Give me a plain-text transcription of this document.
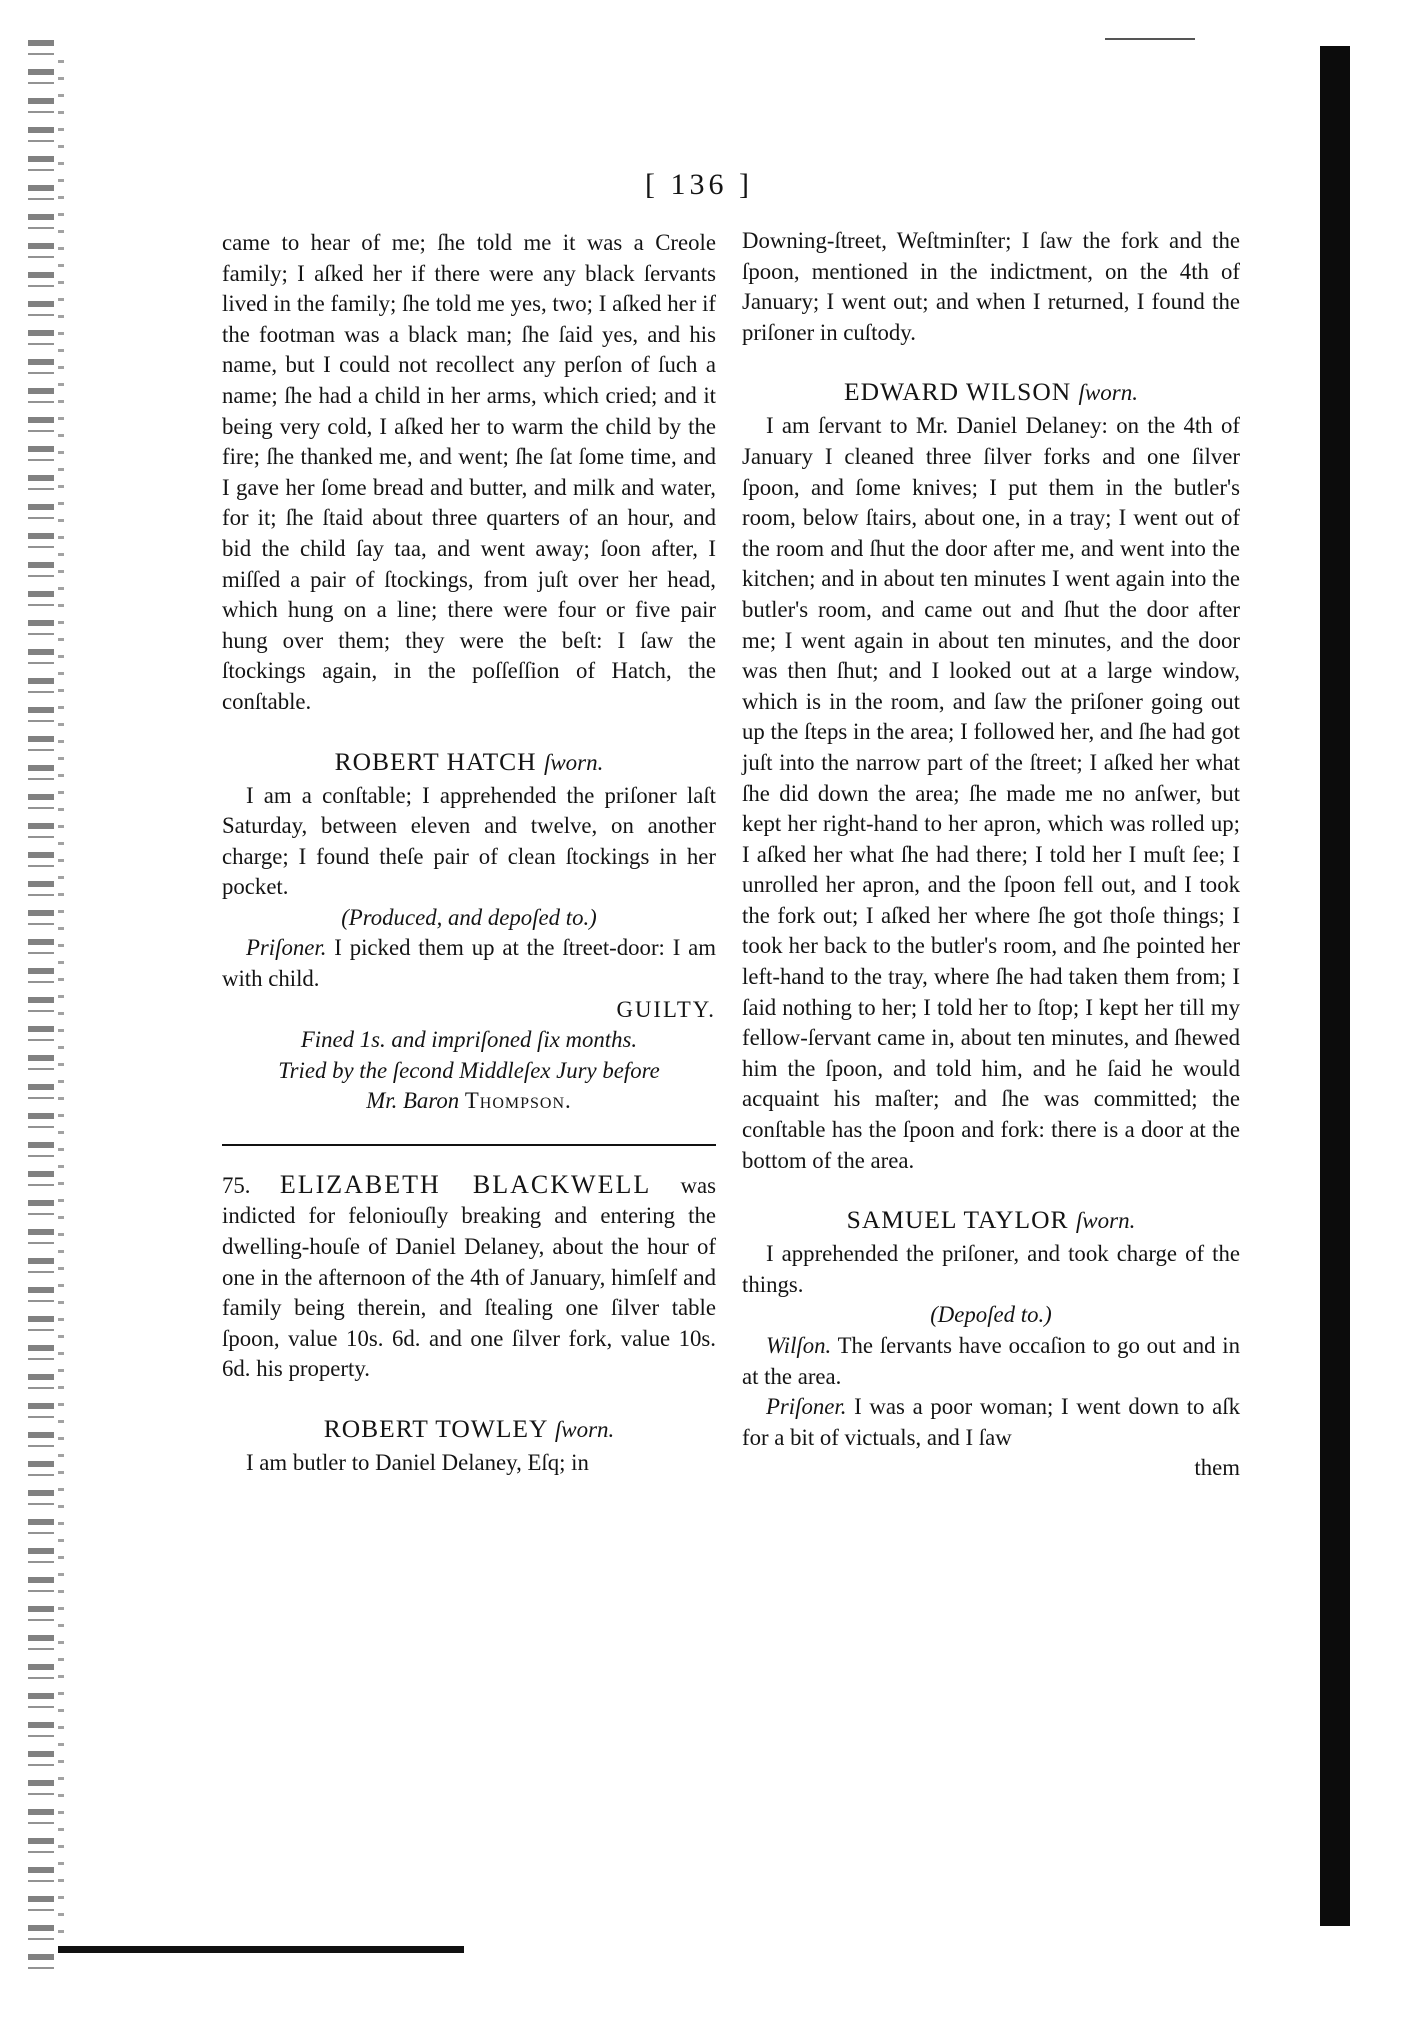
[ 136 ]

came to hear of me; ſhe told me it was a Creole family; I aſked her if there were any black ſervants lived in the family; ſhe told me yes, two; I aſked her if the footman was a black man; ſhe ſaid yes, and his name, but I could not recollect any perſon of ſuch a name; ſhe had a child in her arms, which cried; and it being very cold, I aſked her to warm the child by the fire; ſhe thanked me, and went; ſhe ſat ſome time, and I gave her ſome bread and butter, and milk and water, for it; ſhe ſtaid about three quarters of an hour, and bid the child ſay taa, and went away; ſoon after, I miſſed a pair of ſtockings, from juſt over her head, which hung on a line; there were four or five pair hung over them; they were the beſt: I ſaw the ſtockings again, in the poſſeſſion of Hatch, the conſtable.

ROBERT HATCH ſworn.

I am a conſtable; I apprehended the priſoner laſt Saturday, between eleven and twelve, on another charge; I found theſe pair of clean ſtockings in her pocket.

(Produced, and depoſed to.)

Priſoner. I picked them up at the ſtreet-door: I am with child.

GUILTY.

Fined 1s. and impriſoned ſix months.

Tried by the ſecond Middleſex Jury before

Mr. Baron Thompson.

75. ELIZABETH BLACKWELL was indicted for feloniouſly breaking and entering the dwelling-houſe of Daniel Delaney, about the hour of one in the afternoon of the 4th of January, himſelf and family being therein, and ſtealing one ſilver table ſpoon, value 10s. 6d. and one ſilver fork, value 10s. 6d. his property.

ROBERT TOWLEY ſworn.

I am butler to Daniel Delaney, Eſq; in

Downing-ſtreet, Weſtminſter; I ſaw the fork and the ſpoon, mentioned in the indictment, on the 4th of January; I went out; and when I returned, I found the priſoner in cuſtody.

EDWARD WILSON ſworn.

I am ſervant to Mr. Daniel Delaney: on the 4th of January I cleaned three ſilver forks and one ſilver ſpoon, and ſome knives; I put them in the butler's room, below ſtairs, about one, in a tray; I went out of the room and ſhut the door after me, and went into the kitchen; and in about ten minutes I went again into the butler's room, and came out and ſhut the door after me; I went again in about ten minutes, and the door was then ſhut; and I looked out at a large window, which is in the room, and ſaw the priſoner going out up the ſteps in the area; I followed her, and ſhe had got juſt into the narrow part of the ſtreet; I aſked her what ſhe did down the area; ſhe made me no anſwer, but kept her right-hand to her apron, which was rolled up; I aſked her what ſhe had there; I told her I muſt ſee; I unrolled her apron, and the ſpoon fell out, and I took the fork out; I aſked her where ſhe got thoſe things; I took her back to the butler's room, and ſhe pointed her left-hand to the tray, where ſhe had taken them from; I ſaid nothing to her; I told her to ſtop; I kept her till my fellow-ſervant came in, about ten minutes, and ſhewed him the ſpoon, and told him, and he ſaid he would acquaint his maſter; and ſhe was committed; the conſtable has the ſpoon and fork: there is a door at the bottom of the area.

SAMUEL TAYLOR ſworn.

I apprehended the priſoner, and took charge of the things.

(Depoſed to.)

Wilſon. The ſervants have occaſion to go out and in at the area.

Priſoner. I was a poor woman; I went down to aſk for a bit of victuals, and I ſaw

them
